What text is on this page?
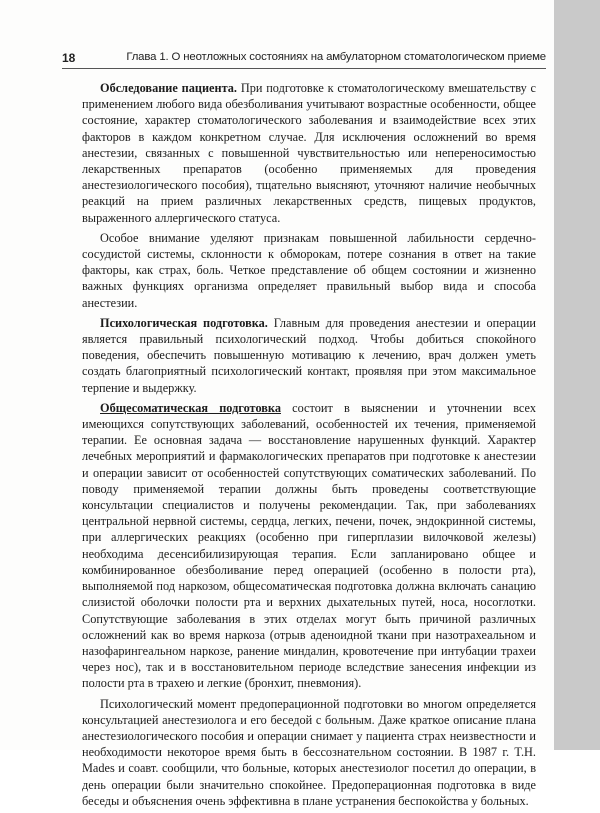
18	Глава 1. О неотложных состояниях на амбулаторном стоматологическом приеме

Обследование пациента. При подготовке к стоматологическому вмешательству с применением любого вида обезболивания учитывают возрастные особенности, общее состояние, характер стоматологического заболевания и взаимодействие всех этих факторов в каждом конкретном случае. Для исключения осложнений во время анестезии, связанных с повышенной чувствительностью или непереносимостью лекарственных препаратов (особенно применяемых для проведения анестезиологического пособия), тщательно выясняют, уточняют наличие необычных реакций на прием различных лекарственных средств, пищевых продуктов, выраженного аллергического статуса.

Особое внимание уделяют признакам повышенной лабильности сердечно-сосудистой системы, склонности к обморокам, потере сознания в ответ на такие факторы, как страх, боль. Четкое представление об общем состоянии и жизненно важных функциях организма определяет правильный выбор вида и способа анестезии.

Психологическая подготовка. Главным для проведения анестезии и операции является правильный психологический подход. Чтобы добиться спокойного поведения, обеспечить повышенную мотивацию к лечению, врач должен уметь создать благоприятный психологический контакт, проявляя при этом максимальное терпение и выдержку.

Общесоматическая подготовка состоит в выяснении и уточнении всех имеющихся сопутствующих заболеваний, особенностей их течения, применяемой терапии. Ее основная задача — восстановление нарушенных функций. Характер лечебных мероприятий и фармакологических препаратов при подготовке к анестезии и операции зависит от особенностей сопутствующих соматических заболеваний. По поводу применяемой терапии должны быть проведены соответствующие консультации специалистов и получены рекомендации. Так, при заболеваниях центральной нервной системы, сердца, легких, печени, почек, эндокринной системы, при аллергических реакциях (особенно при гиперплазии вилочковой железы) необходима десенсибилизирующая терапия. Если запланировано общее и комбинированное обезболивание перед операцией (особенно в полости рта), выполняемой под наркозом, общесоматическая подготовка должна включать санацию слизистой оболочки полости рта и верхних дыхательных путей, носа, носоглотки. Сопутствующие заболевания в этих отделах могут быть причиной различных осложнений как во время наркоза (отрыв аденоидной ткани при назотрахеальном и назофарингеальном наркозе, ранение миндалин, кровотечение при интубации трахеи через нос), так и в восстановительном периоде вследствие занесения инфекции из полости рта в трахею и легкие (бронхит, пневмония).

Психологический момент предоперационной подготовки во многом определяется консультацией анестезиолога и его беседой с больным. Даже краткое описание плана анестезиологического пособия и операции снимает у пациента страх неизвестности и необходимости некоторое время быть в бессознательном состоянии. В 1987 г. T.H. Mades и соавт. сообщили, что больные, которых анестезиолог посетил до операции, в день операции были значительно спокойнее. Предоперационная подготовка в виде беседы и объяснения очень эффективна в плане устранения беспокойства у больных.
